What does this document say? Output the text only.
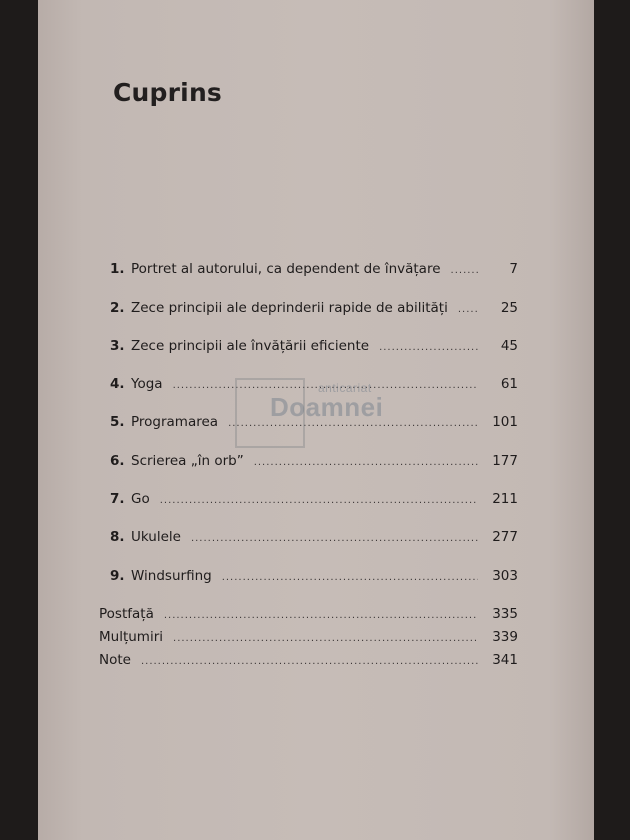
Cuprins
1. Portret al autorului, ca dependent de învățare .....	7
2. Zece principii ale deprinderii rapide de abilități .....	25
3. Zece principii ale învățării eficiente .....	45
4. Yoga .....	61
5. Programarea .....	101
6. Scrierea „în orb” .....	177
7. Go .....	211
8. Ukulele .....	277
9. Windsurfing .....	303
Postfață .....	335
Mulțumiri .....	339
Note .....	341
anticariat
Doamnei
